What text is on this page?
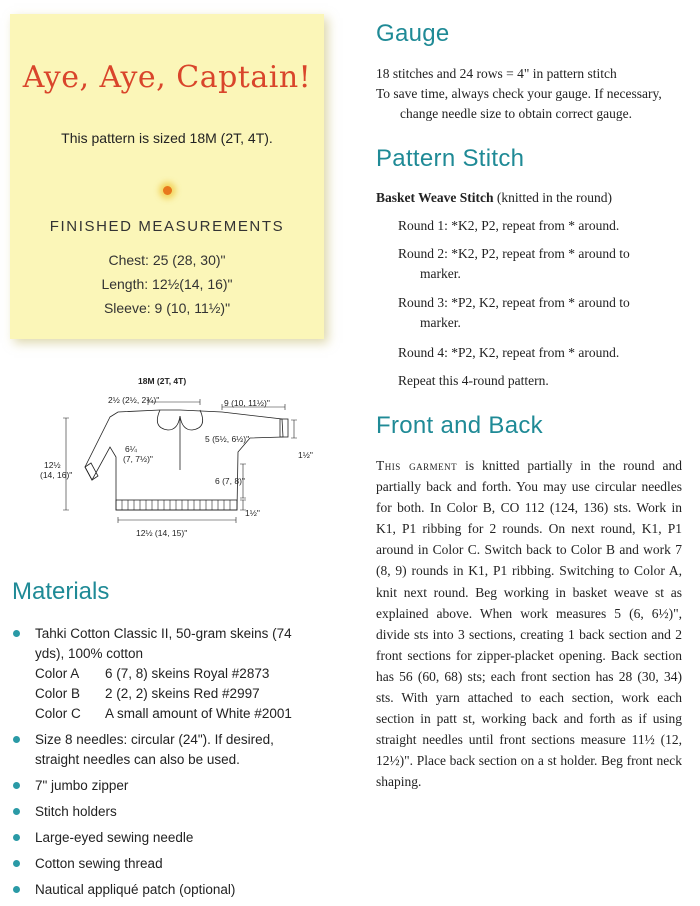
Aye, Aye, Captain!
This pattern is sized 18M (2T, 4T).
FINISHED MEASUREMENTS
Chest: 25 (28, 30)"
Length: 12½(14, 16)"
Sleeve: 9 (10, 11½)"
18M (2T, 4T)
2½ (2½, 2¾)"	9 (10, 11½)"
6¼
(7, 7½)"
5 (5½, 6½)"
1½"
12½
(14, 16)"
6 (7, 8)"
1½"
12½ (14, 15)"
Materials
Tahki Cotton Classic II, 50-gram skeins (74 yds), 100% cotton
Color A	6 (7, 8) skeins Royal #2873
Color B	2 (2, 2) skeins Red #2997
Color C	A small amount of White #2001
Size 8 needles: circular (24"). If desired, straight needles can also be used.
7" jumbo zipper
Stitch holders
Large-eyed sewing needle
Cotton sewing thread
Nautical appliqué patch (optional)
Gauge
18 stitches and 24 rows = 4" in pattern stitch
To save time, always check your gauge. If necessary,
change needle size to obtain correct gauge.
Pattern Stitch
Basket Weave Stitch (knitted in the round)
Round 1: *K2, P2, repeat from * around.
Round 2: *K2, P2, repeat from * around to
marker.
Round 3: *P2, K2, repeat from * around to
marker.
Round 4: *P2, K2, repeat from * around.
Repeat this 4-round pattern.
Front and Back
This garment is knitted partially in the round and partially back and forth. You may use circular needles for both. In Color B, CO 112 (124, 136) sts. Work in K1, P1 ribbing for 2 rounds. On next round, K1, P1 around in Color C. Switch back to Color B and work 7 (8, 9) rounds in K1, P1 ribbing. Switching to Color A, knit next round. Beg working in basket weave st as explained above. When work measures 5 (6, 6½)", divide sts into 3 sections, creating 1 back section and 2 front sections for zipper-placket opening. Back section has 56 (60, 68) sts; each front section has 28 (30, 34) sts. With yarn attached to each section, work each section in patt st, working back and forth as if using straight needles until front sections measure 11½ (12, 12½)". Place back section on a st holder. Beg front neck shaping.
